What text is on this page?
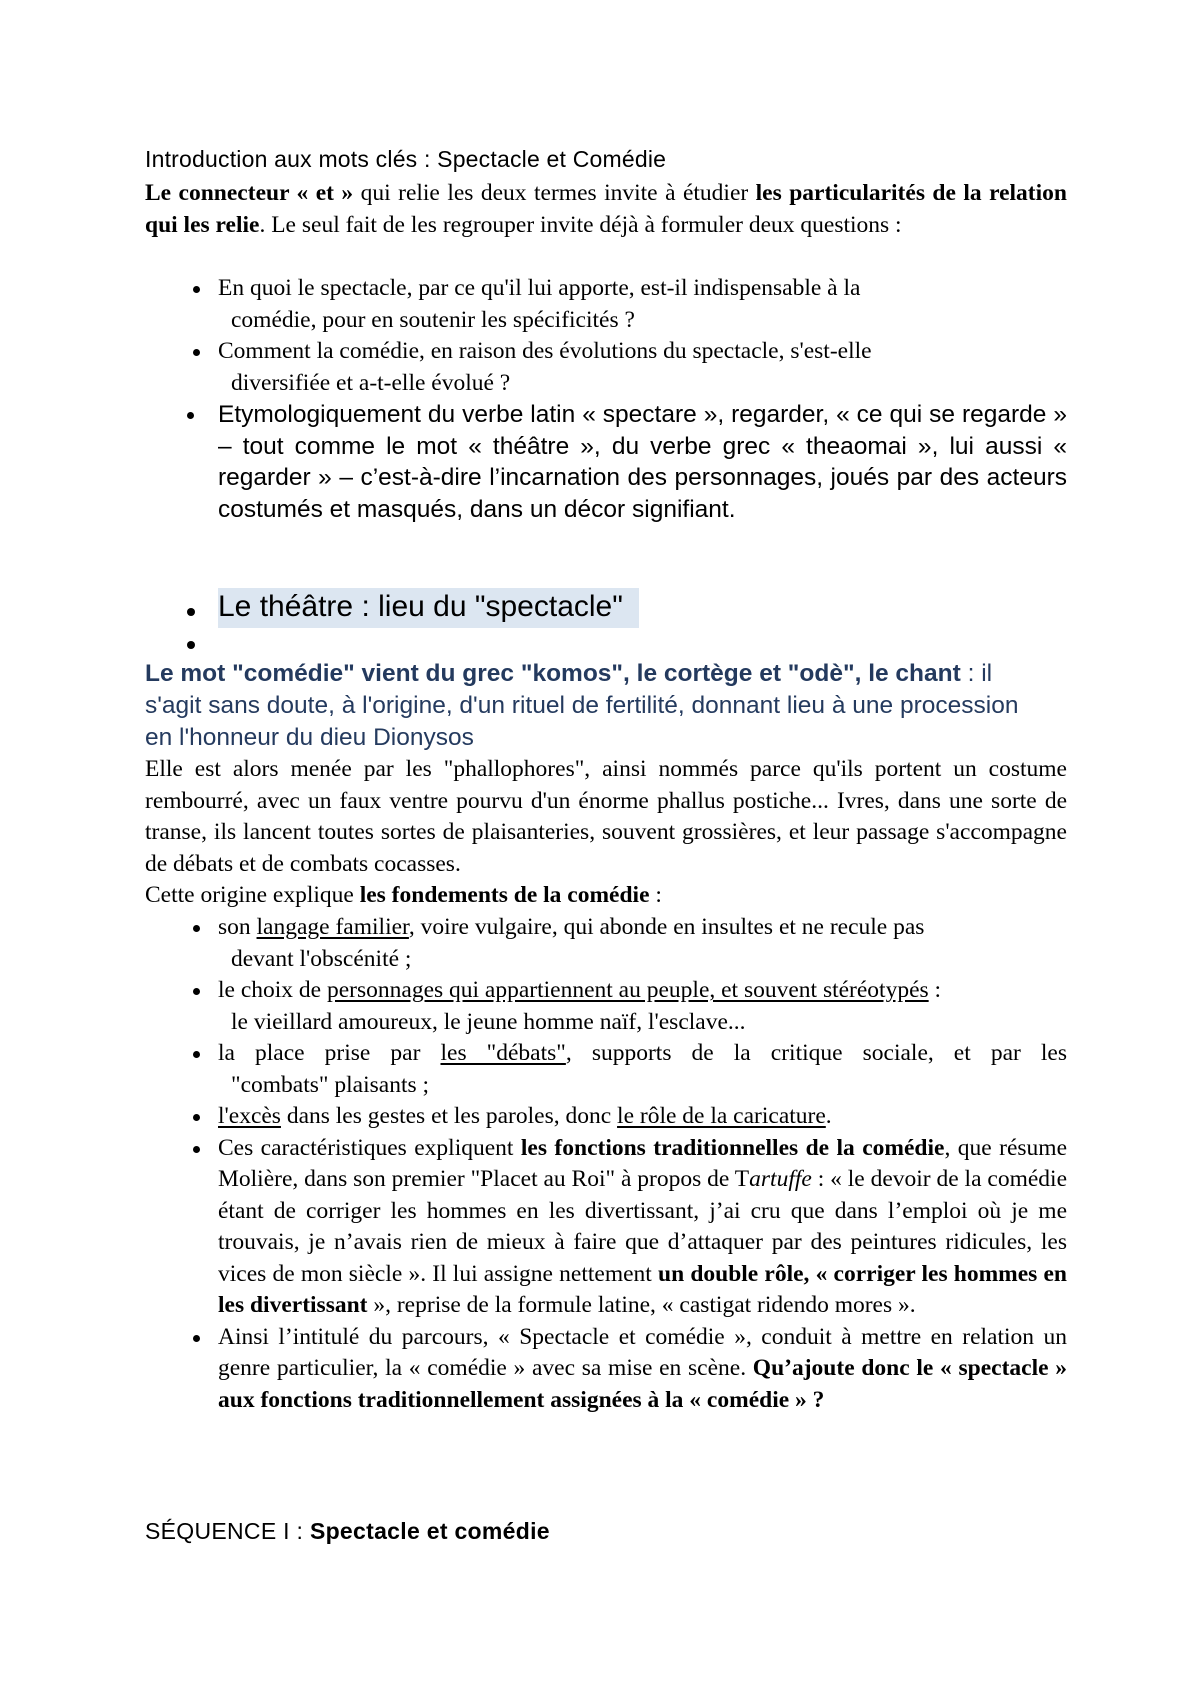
Introduction aux mots clés : Spectacle et Comédie
Le connecteur « et » qui relie les deux termes invite à étudier les particularités de la relation qui les relie. Le seul fait de les regrouper invite déjà à formuler deux questions :
En quoi le spectacle, par ce qu'il lui apporte, est-il indispensable à la
comédie, pour en soutenir les spécificités ?
Comment la comédie, en raison des évolutions du spectacle, s'est-elle
diversifiée et a-t-elle évolué ?
Etymologiquement du verbe latin « spectare », regarder, « ce qui se regarde » – tout comme le mot « théâtre », du verbe grec « theaomai », lui aussi « regarder » – c’est-à-dire l’incarnation des personnages, joués par des acteurs costumés et masqués, dans un décor signifiant.
Le théâtre : lieu du "spectacle"
Le mot "comédie" vient du grec "komos", le cortège et "odè", le chant : il s'agit sans doute, à l'origine, d'un rituel de fertilité, donnant lieu à une procession en l'honneur du dieu Dionysos
Elle est alors menée par les "phallophores", ainsi nommés parce qu'ils portent un costume rembourré, avec un faux ventre pourvu d'un énorme phallus postiche... Ivres, dans une sorte de transe, ils lancent toutes sortes de plaisanteries, souvent grossières, et leur passage s'accompagne de débats et de combats cocasses.
Cette origine explique les fondements de la comédie :
son langage familier, voire vulgaire, qui abonde en insultes et ne recule pas
devant l'obscénité ;
le choix de personnages qui appartiennent au peuple, et souvent stéréotypés :
le vieillard amoureux, le jeune homme naïf, l'esclave...
la place prise par les "débats", supports de la critique sociale, et par les
"combats" plaisants ;
l'excès dans les gestes et les paroles, donc le rôle de la caricature.
Ces caractéristiques expliquent les fonctions traditionnelles de la comédie, que résume Molière, dans son premier "Placet au Roi" à propos de Tartuffe : « le devoir de la comédie étant de corriger les hommes en les divertissant, j’ai cru que dans l’emploi où je me trouvais, je n’avais rien de mieux à faire que d’attaquer par des peintures ridicules, les vices de mon siècle ». Il lui assigne nettement un double rôle, « corriger les hommes en les divertissant », reprise de la formule latine, « castigat ridendo mores ».
Ainsi l’intitulé du parcours, « Spectacle et comédie », conduit à mettre en relation un genre particulier, la « comédie » avec sa mise en scène. Qu’ajoute donc le « spectacle » aux fonctions traditionnellement assignées à la « comédie » ?
SÉQUENCE I : Spectacle et comédie
